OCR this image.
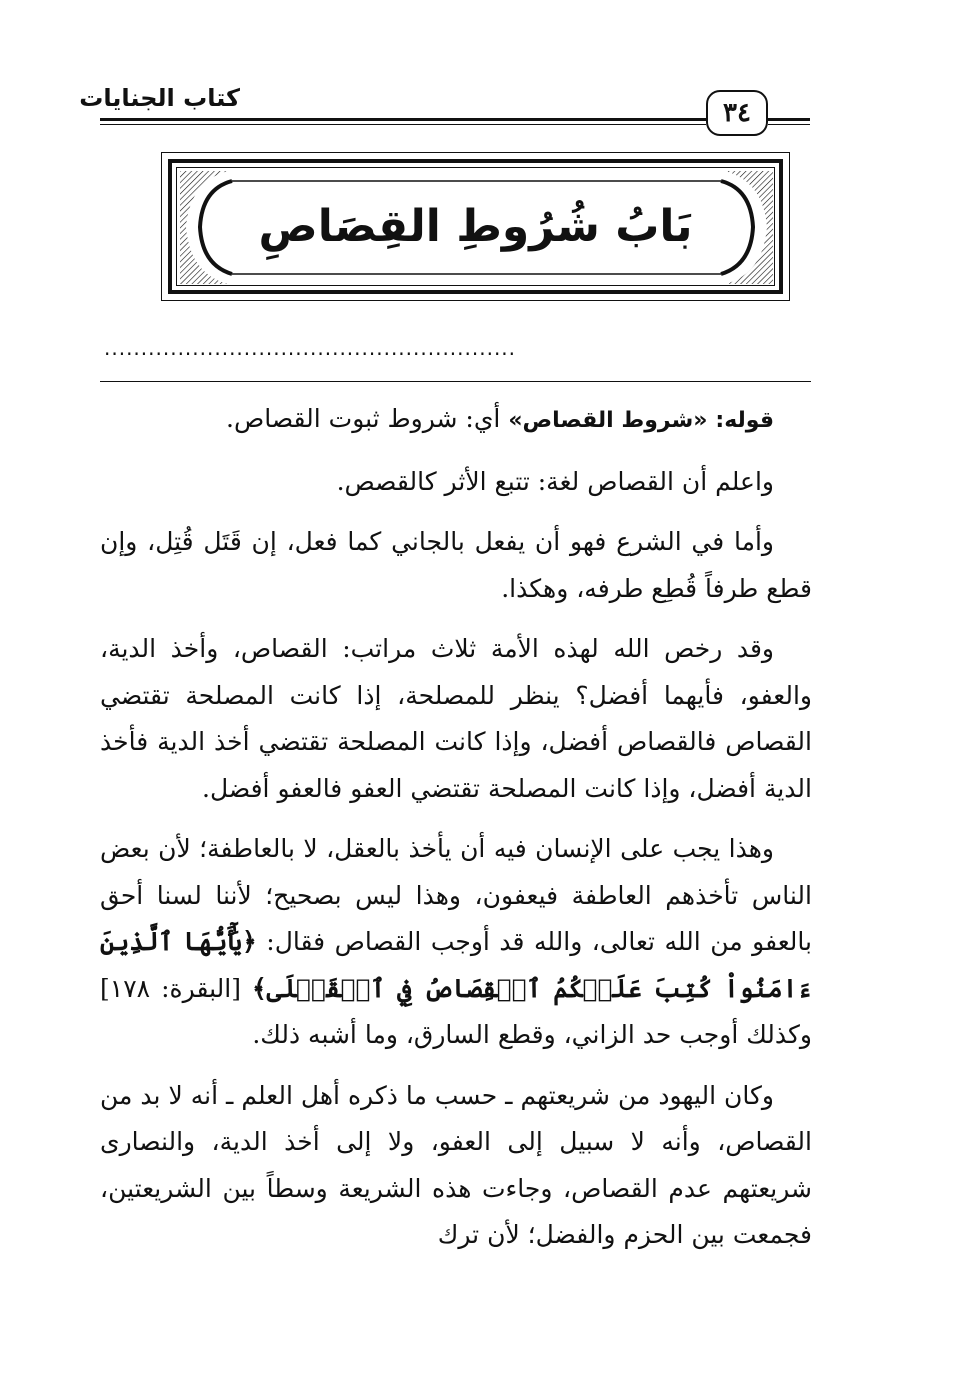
كتاب الجنايات	٣٤
بَابُ شُرُوطِ القِصَاصِ
........................................................

قوله: «شروط القصاص» أي: شروط ثبوت القصاص.

واعلم أن القصاص لغة: تتبع الأثر كالقصص.

وأما في الشرع فهو أن يفعل بالجاني كما فعل، إن قَتَل قُتِل، وإن قطع طرفاً قُطِع طرفه، وهكذا.

وقد رخص الله لهذه الأمة ثلاث مراتب: القصاص، وأخذ الدية، والعفو، فأيهما أفضل؟ ينظر للمصلحة، إذا كانت المصلحة تقتضي القصاص فالقصاص أفضل، وإذا كانت المصلحة تقتضي أخذ الدية فأخذ الدية أفضل، وإذا كانت المصلحة تقتضي العفو فالعفو أفضل.

وهذا يجب على الإنسان فيه أن يأخذ بالعقل، لا بالعاطفة؛ لأن بعض الناس تأخذهم العاطفة فيعفون، وهذا ليس بصحيح؛ لأننا لسنا أحق بالعفو من الله تعالى، والله قد أوجب القصاص فقال: ﴿يَٰٓأَيُّهَا ٱلَّذِينَ ءَامَنُواْ كُتِبَ عَلَيۡكُمُ ٱلۡقِصَاصُ فِي ٱلۡقَتۡلَى﴾ [البقرة: ١٧٨] وكذلك أوجب حد الزاني، وقطع السارق، وما أشبه ذلك.

وكان اليهود من شريعتهم ـ حسب ما ذكره أهل العلم ـ أنه لا بد من القصاص، وأنه لا سبيل إلى العفو، ولا إلى أخذ الدية، والنصارى شريعتهم عدم القصاص، وجاءت هذه الشريعة وسطاً بين الشريعتين، فجمعت بين الحزم والفضل؛ لأن ترك
